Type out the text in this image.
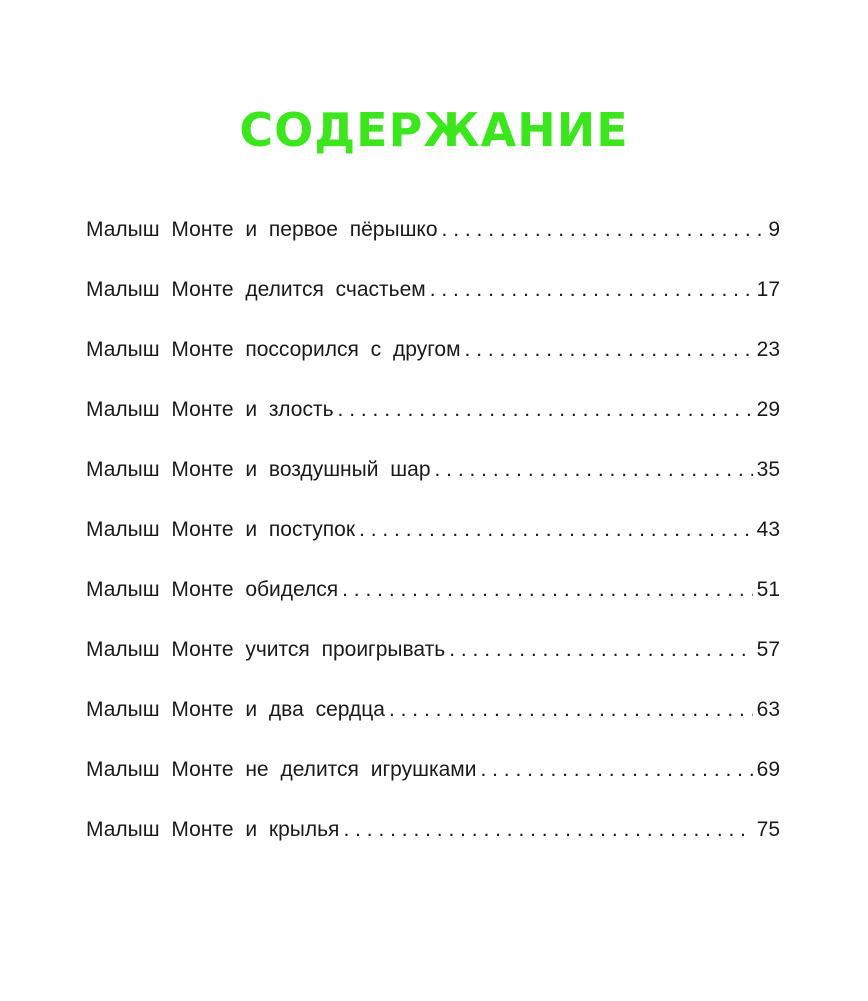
СОДЕРЖАНИЕ
Малыш Монте и первое пёрышко . . .	9
Малыш Монте делится счастьем . . .	17
Малыш Монте поссорился с другом . . .	23
Малыш Монте и злость . . .	29
Малыш Монте и воздушный шар . . .	35
Малыш Монте и поступок . . .	43
Малыш Монте обиделся . . .	51
Малыш Монте учится проигрывать . . .	57
Малыш Монте и два сердца . . .	63
Малыш Монте не делится игрушками . . .	69
Малыш Монте и крылья . . .	75
